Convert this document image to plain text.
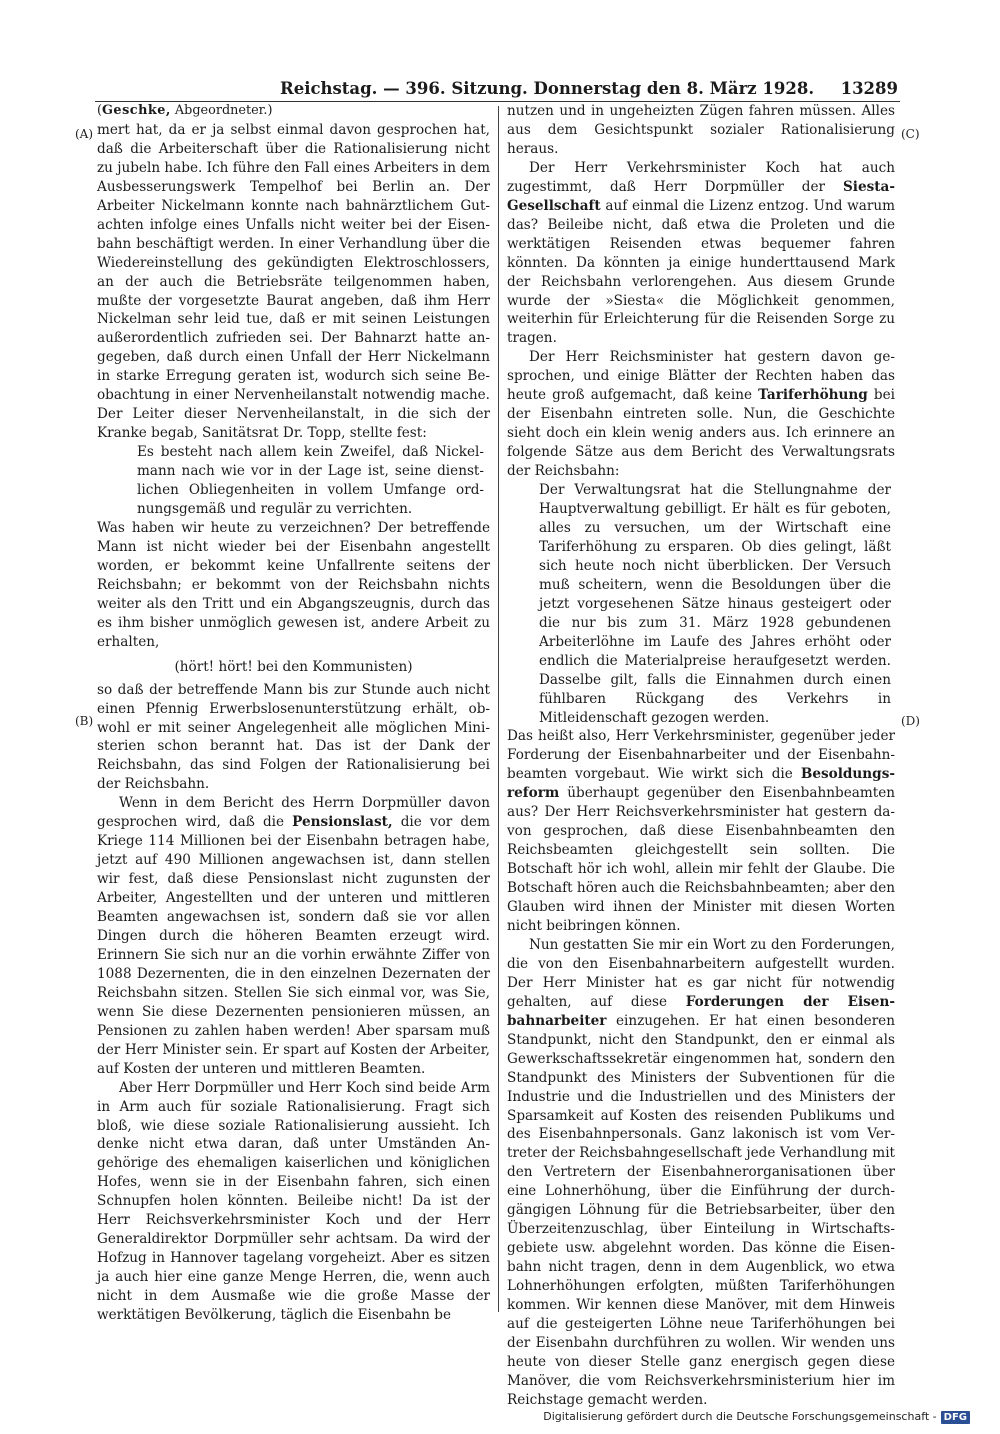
Reichstag. — 396. Sitzung. Donnerstag den 8. März 1928. 13289
(A)
(B)
(C)
(D)

(Geschke, Abgeordneter.)

mert hat, da er ja selbst einmal davon gesprochen hat, daß die Arbeiterschaft über die Rationalisierung nicht zu jubeln habe. Ich führe den Fall eines Arbeiters in dem Ausbesserungswerk Tempelhof bei Berlin an. Der Arbeiter Nickelmann konnte nach bahnärztlichem Gutachten infolge eines Unfalls nicht weiter bei der Eisenbahn beschäftigt werden. In einer Verhandlung über die Wiedereinstellung des gekündigten Elektroschlossers, an der auch die Betriebsräte teilgenommen haben, mußte der vorgesetzte Baurat angeben, daß ihm Herr Nickelman sehr leid tue, daß er mit seinen Leistungen außerordentlich zufrieden sei. Der Bahnarzt hatte angegeben, daß durch einen Unfall der Herr Nickelmann in starke Erregung geraten ist, wodurch sich seine Beobachtung in einer Nervenheilanstalt notwendig mache. Der Leiter dieser Nervenheilanstalt, in die sich der Kranke begab, Sanitätsrat Dr. Topp, stellte fest:

Es besteht nach allem kein Zweifel, daß Nickelmann nach wie vor in der Lage ist, seine dienstlichen Obliegenheiten in vollem Umfange ordnungsgemäß und regulär zu verrichten.

Was haben wir heute zu verzeichnen? Der betreffende Mann ist nicht wieder bei der Eisenbahn angestellt worden, er bekommt keine Unfallrente seitens der Reichsbahn; er bekommt von der Reichsbahn nichts weiter als den Tritt und ein Abgangszeugnis, durch das es ihm bisher unmöglich gewesen ist, andere Arbeit zu erhalten,

(hört! hört! bei den Kommunisten)

so daß der betreffende Mann bis zur Stunde auch nicht einen Pfennig Erwerbslosenunterstützung erhält, obwohl er mit seiner Angelegenheit alle möglichen Ministerien schon berannt hat. Das ist der Dank der Reichsbahn, das sind Folgen der Rationalisierung bei der Reichsbahn.

Wenn in dem Bericht des Herrn Dorpmüller davon gesprochen wird, daß die Pensionslast, die vor dem Kriege 114 Millionen bei der Eisenbahn betragen habe, jetzt auf 490 Millionen angewachsen ist, dann stellen wir fest, daß diese Pensionslast nicht zugunsten der Arbeiter, Angestellten und der unteren und mittleren Beamten angewachsen ist, sondern daß sie vor allen Dingen durch die höheren Beamten erzeugt wird. Erinnern Sie sich nur an die vorhin erwähnte Ziffer von 1088 Dezernenten, die in den einzelnen Dezernaten der Reichsbahn sitzen. Stellen Sie sich einmal vor, was Sie, wenn Sie diese Dezernenten pensionieren müssen, an Pensionen zu zahlen haben werden! Aber sparsam muß der Herr Minister sein. Er spart auf Kosten der Arbeiter, auf Kosten der unteren und mittleren Beamten.

Aber Herr Dorpmüller und Herr Koch sind beide Arm in Arm auch für soziale Rationalisierung. Fragt sich bloß, wie diese soziale Rationalisierung aussieht. Ich denke nicht etwa daran, daß unter Umständen Angehörige des ehemaligen kaiserlichen und königlichen Hofes, wenn sie in der Eisenbahn fahren, sich einen Schnupfen holen könnten. Beileibe nicht! Da ist der Herr Reichsverkehrsminister Koch und der Herr Generaldirektor Dorpmüller sehr achtsam. Da wird der Hofzug in Hannover tagelang vorgeheizt. Aber es sitzen ja auch hier eine ganze Menge Herren, die, wenn auch nicht in dem Ausmaße wie die große Masse der werktätigen Bevölkerung, täglich die Eisenbahn be

nutzen und in ungeheizten Zügen fahren müssen. Alles aus dem Gesichtspunkt sozialer Rationalisierung heraus.

Der Herr Verkehrsminister Koch hat auch zugestimmt, daß Herr Dorpmüller der Siesta-Gesellschaft auf einmal die Lizenz entzog. Und warum das? Beileibe nicht, daß etwa die Proleten und die werktätigen Reisenden etwas bequemer fahren könnten. Da könnten ja einige hunderttausend Mark der Reichsbahn verlorengehen. Aus diesem Grunde wurde der »Siesta« die Möglichkeit genommen, weiterhin für Erleichterung für die Reisenden Sorge zu tragen.

Der Herr Reichsminister hat gestern davon gesprochen, und einige Blätter der Rechten haben das heute groß aufgemacht, daß keine Tariferhöhung bei der Eisenbahn eintreten solle. Nun, die Geschichte sieht doch ein klein wenig anders aus. Ich erinnere an folgende Sätze aus dem Bericht des Verwaltungsrats der Reichsbahn:

Der Verwaltungsrat hat die Stellungnahme der Hauptverwaltung gebilligt. Er hält es für geboten, alles zu versuchen, um der Wirtschaft eine Tariferhöhung zu ersparen. Ob dies gelingt, läßt sich heute noch nicht überblicken. Der Versuch muß scheitern, wenn die Besoldungen über die jetzt vorgesehenen Sätze hinaus gesteigert oder die nur bis zum 31. März 1928 gebundenen Arbeiterlöhne im Laufe des Jahres erhöht oder endlich die Materialpreise heraufgesetzt werden. Dasselbe gilt, falls die Einnahmen durch einen fühlbaren Rückgang des Verkehrs in Mitleidenschaft gezogen werden.

Das heißt also, Herr Verkehrsminister, gegenüber jeder Forderung der Eisenbahnarbeiter und der Eisenbahnbeamten vorgebaut. Wie wirkt sich die Besoldungsreform überhaupt gegenüber den Eisenbahnbeamten aus? Der Herr Reichsverkehrsminister hat gestern davon gesprochen, daß diese Eisenbahnbeamten den Reichsbeamten gleichgestellt sein sollten. Die Botschaft hör ich wohl, allein mir fehlt der Glaube. Die Botschaft hören auch die Reichsbahnbeamten; aber den Glauben wird ihnen der Minister mit diesen Worten nicht beibringen können.

Nun gestatten Sie mir ein Wort zu den Forderungen, die von den Eisenbahnarbeitern aufgestellt wurden. Der Herr Minister hat es gar nicht für notwendig gehalten, auf diese Forderungen der Eisenbahnarbeiter einzugehen. Er hat einen besonderen Standpunkt, nicht den Standpunkt, den er einmal als Gewerkschaftssekretär eingenommen hat, sondern den Standpunkt des Ministers der Subventionen für die Industrie und die Industriellen und des Ministers der Sparsamkeit auf Kosten des reisenden Publikums und des Eisenbahnpersonals. Ganz lakonisch ist vom Vertreter der Reichsbahngesellschaft jede Verhandlung mit den Vertretern der Eisenbahnerorganisationen über eine Lohnerhöhung, über die Einführung der durchgängigen Löhnung für die Betriebsarbeiter, über den Überzeitenzuschlag, über Einteilung in Wirtschaftsgebiete usw. abgelehnt worden. Das könne die Eisenbahn nicht tragen, denn in dem Augenblick, wo etwa Lohnerhöhungen erfolgten, müßten Tariferhöhungen kommen. Wir kennen diese Manöver, mit dem Hinweis auf die gesteigerten Löhne neue Tariferhöhungen bei der Eisenbahn durchführen zu wollen. Wir wenden uns heute von dieser Stelle ganz energisch gegen diese Manöver, die vom Reichsverkehrsministerium hier im Reichstage gemacht werden.

Digitalisierung gefördert durch die Deutsche Forschungsgemeinschaft - DFG
